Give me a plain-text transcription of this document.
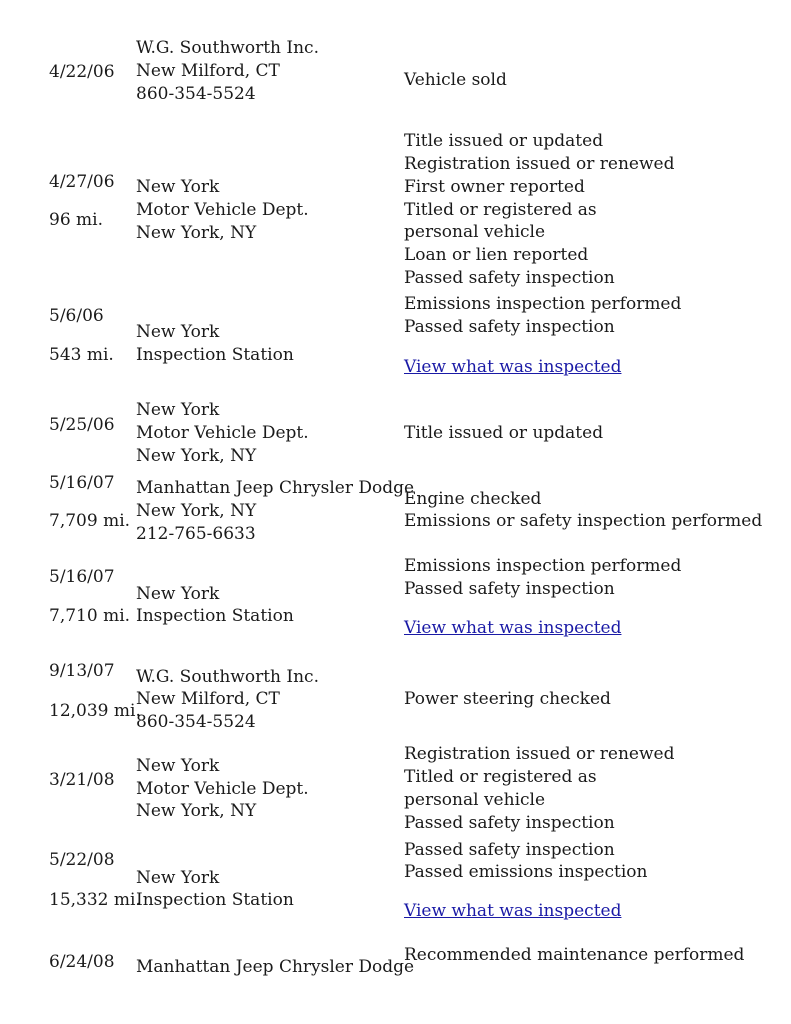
4/22/06
W.G. Southworth Inc.
New Milford, CT
860-354-5524
Vehicle sold
4/27/06
96 mi.
New York
Motor Vehicle Dept.
New York, NY
Title issued or updated
Registration issued or renewed
First owner reported
Titled or registered as
personal vehicle
Loan or lien reported
Passed safety inspection
5/6/06
543 mi.
New York
Inspection Station
Emissions inspection performed
Passed safety inspection
View what was inspected
5/25/06
New York
Motor Vehicle Dept.
New York, NY
Title issued or updated
5/16/07
7,709 mi.
Manhattan Jeep Chrysler Dodge
New York, NY
212-765-6633
Engine checked
Emissions or safety inspection performed
5/16/07
7,710 mi.
New York
Inspection Station
Emissions inspection performed
Passed safety inspection
View what was inspected
9/13/07
12,039 mi.
W.G. Southworth Inc.
New Milford, CT
860-354-5524
Power steering checked
3/21/08
New York
Motor Vehicle Dept.
New York, NY
Registration issued or renewed
Titled or registered as
personal vehicle
Passed safety inspection
5/22/08
15,332 mi.
New York
Inspection Station
Passed safety inspection
Passed emissions inspection
View what was inspected
6/24/08 Manhattan Jeep Chrysler Dodge
Recommended maintenance performed
